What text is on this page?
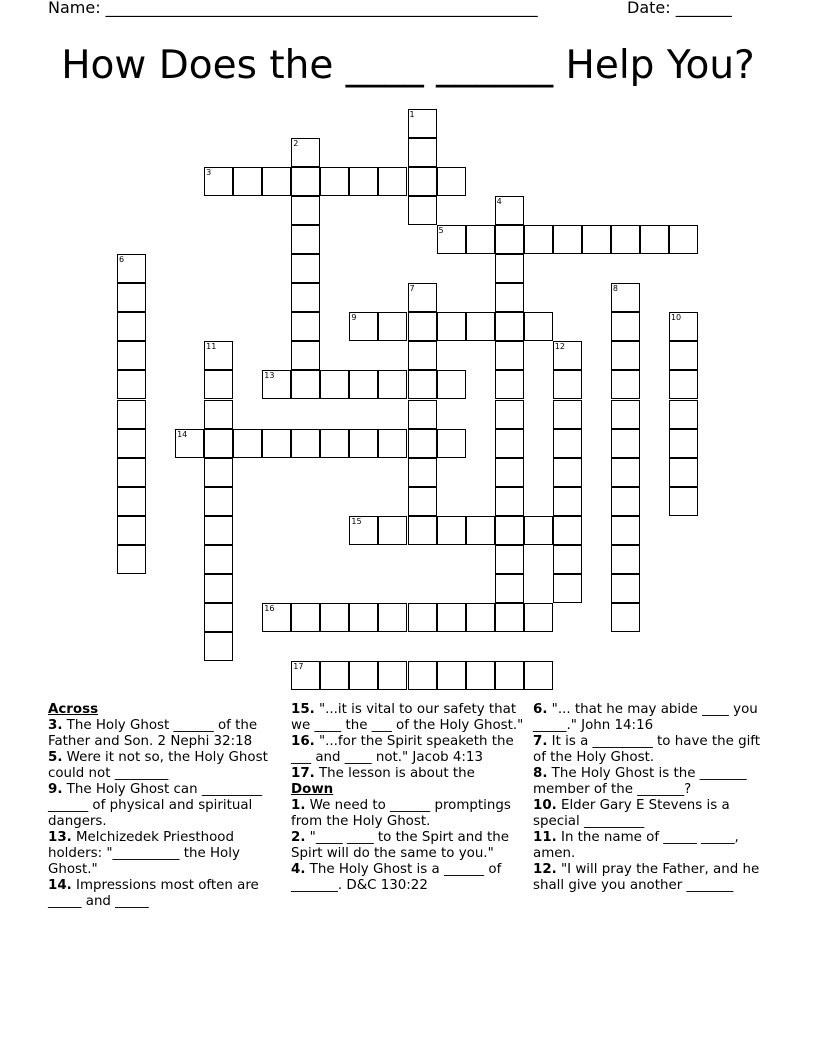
Name: ______________________________________________________	Date: _______
How Does the ____ ______ Help You?
1
2
3
4
5
6
7	8
9	10
11	12
13
14
15
16
17
Across
3. The Holy Ghost ______ of the Father and Son. 2 Nephi 32:18
5. Were it not so, the Holy Ghost could not ________
9. The Holy Ghost can _________ ______ of physical and spiritual dangers.
13. Melchizedek Priesthood holders: "__________ the Holy Ghost."
14. Impressions most often are _____ and _____
15. "...it is vital to our safety that we ____ the ___ of the Holy Ghost."
16. "...for the Spirit speaketh the ___ and ____ not." Jacob 4:13
17. The lesson is about the
Down
1. We need to ______ promptings from the Holy Ghost.
2. "____ ____ to the Spirt and the Spirt will do the same to you."
4. The Holy Ghost is a ______ of _______. D&C 130:22
6. "... that he may abide ____ you _____." John 14:16
7. It is a _________ to have the gift of the Holy Ghost.
8. The Holy Ghost is the _______ member of the _______?
10. Elder Gary E Stevens is a special _________
11. In the name of _____ _____, amen.
12. "I will pray the Father, and he shall give you another _______
